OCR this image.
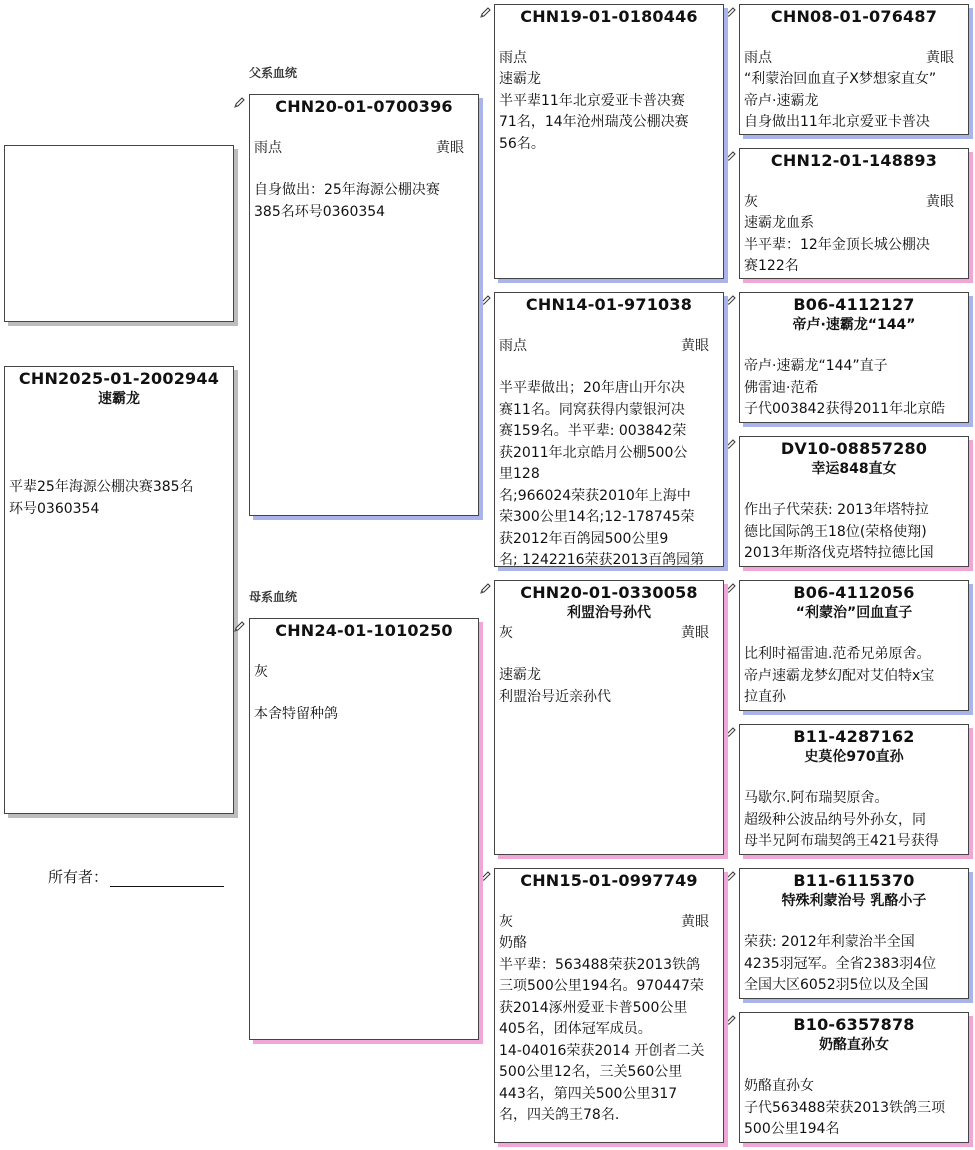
父系血统
母系血统
CHN2025-01-2002944
速霸龙
平辈25年海源公棚决赛385名
环号0360354
所有者：
CHN20-01-0700396
雨点	黄眼
自身做出：25年海源公棚决赛
385名环号0360354
CHN24-01-1010250
灰
本舍特留种鸽
CHN19-01-0180446
雨点
速霸龙
半平辈11年北京爱亚卡普决赛
71名，14年沧州瑞茂公棚决赛
56名。
CHN14-01-971038
雨点	黄眼
半平辈做出；20年唐山开尔决
赛11名。同窝获得内蒙银河决
赛159名。半平辈: 003842荣
获2011年北京皓月公棚500公
里128
名;966024荣获2010年上海中
荣300公里14名;12-178745荣
获2012年百鸽园500公里9
名; 1242216荣获2013百鸽园第
CHN20-01-0330058
利盟治号孙代
灰	黄眼
速霸龙
利盟治号近亲孙代
CHN15-01-0997749
灰	黄眼
奶酪
半平辈：563488荣获2013铁鸽
三项500公里194名。970447荣
获2014涿州爱亚卡普500公里
405名，团体冠军成员。
14-04016荣获2014 开创者二关
500公里12名，三关560公里
443名，第四关500公里317
名，四关鸽王78名.
CHN08-01-076487
雨点	黄眼
“利蒙治回血直子X梦想家直女”
帝卢·速霸龙
自身做出11年北京爱亚卡普决
CHN12-01-148893
灰	黄眼
速霸龙血系
半平辈：12年金顶长城公棚决
赛122名
B06-4112127
帝卢·速霸龙“144”
帝卢·速霸龙“144”直子
佛雷迪·范希
子代003842获得2011年北京皓
DV10-08857280
幸运848直女
作出子代荣获: 2013年塔特拉
德比国际鸽王18位(荣格使翔)
2013年斯洛伐克塔特拉德比国
B06-4112056
“利蒙治”回血直子
比利时福雷迪.范希兄弟原舍。
帝卢速霸龙梦幻配对艾伯特x宝
拉直孙
B11-4287162
史莫伦970直孙
马歇尔.阿布瑞契原舍。
超级种公波品纳号外孙女，同
母半兄阿布瑞契鸽王421号获得
B11-6115370
特殊利蒙治号 乳酪小子
荣获: 2012年利蒙治半全国
4235羽冠军。全省2383羽4位
全国大区6052羽5位以及全国
B10-6357878
奶酪直孙女
奶酪直孙女
子代563488荣获2013铁鸽三项
500公里194名
